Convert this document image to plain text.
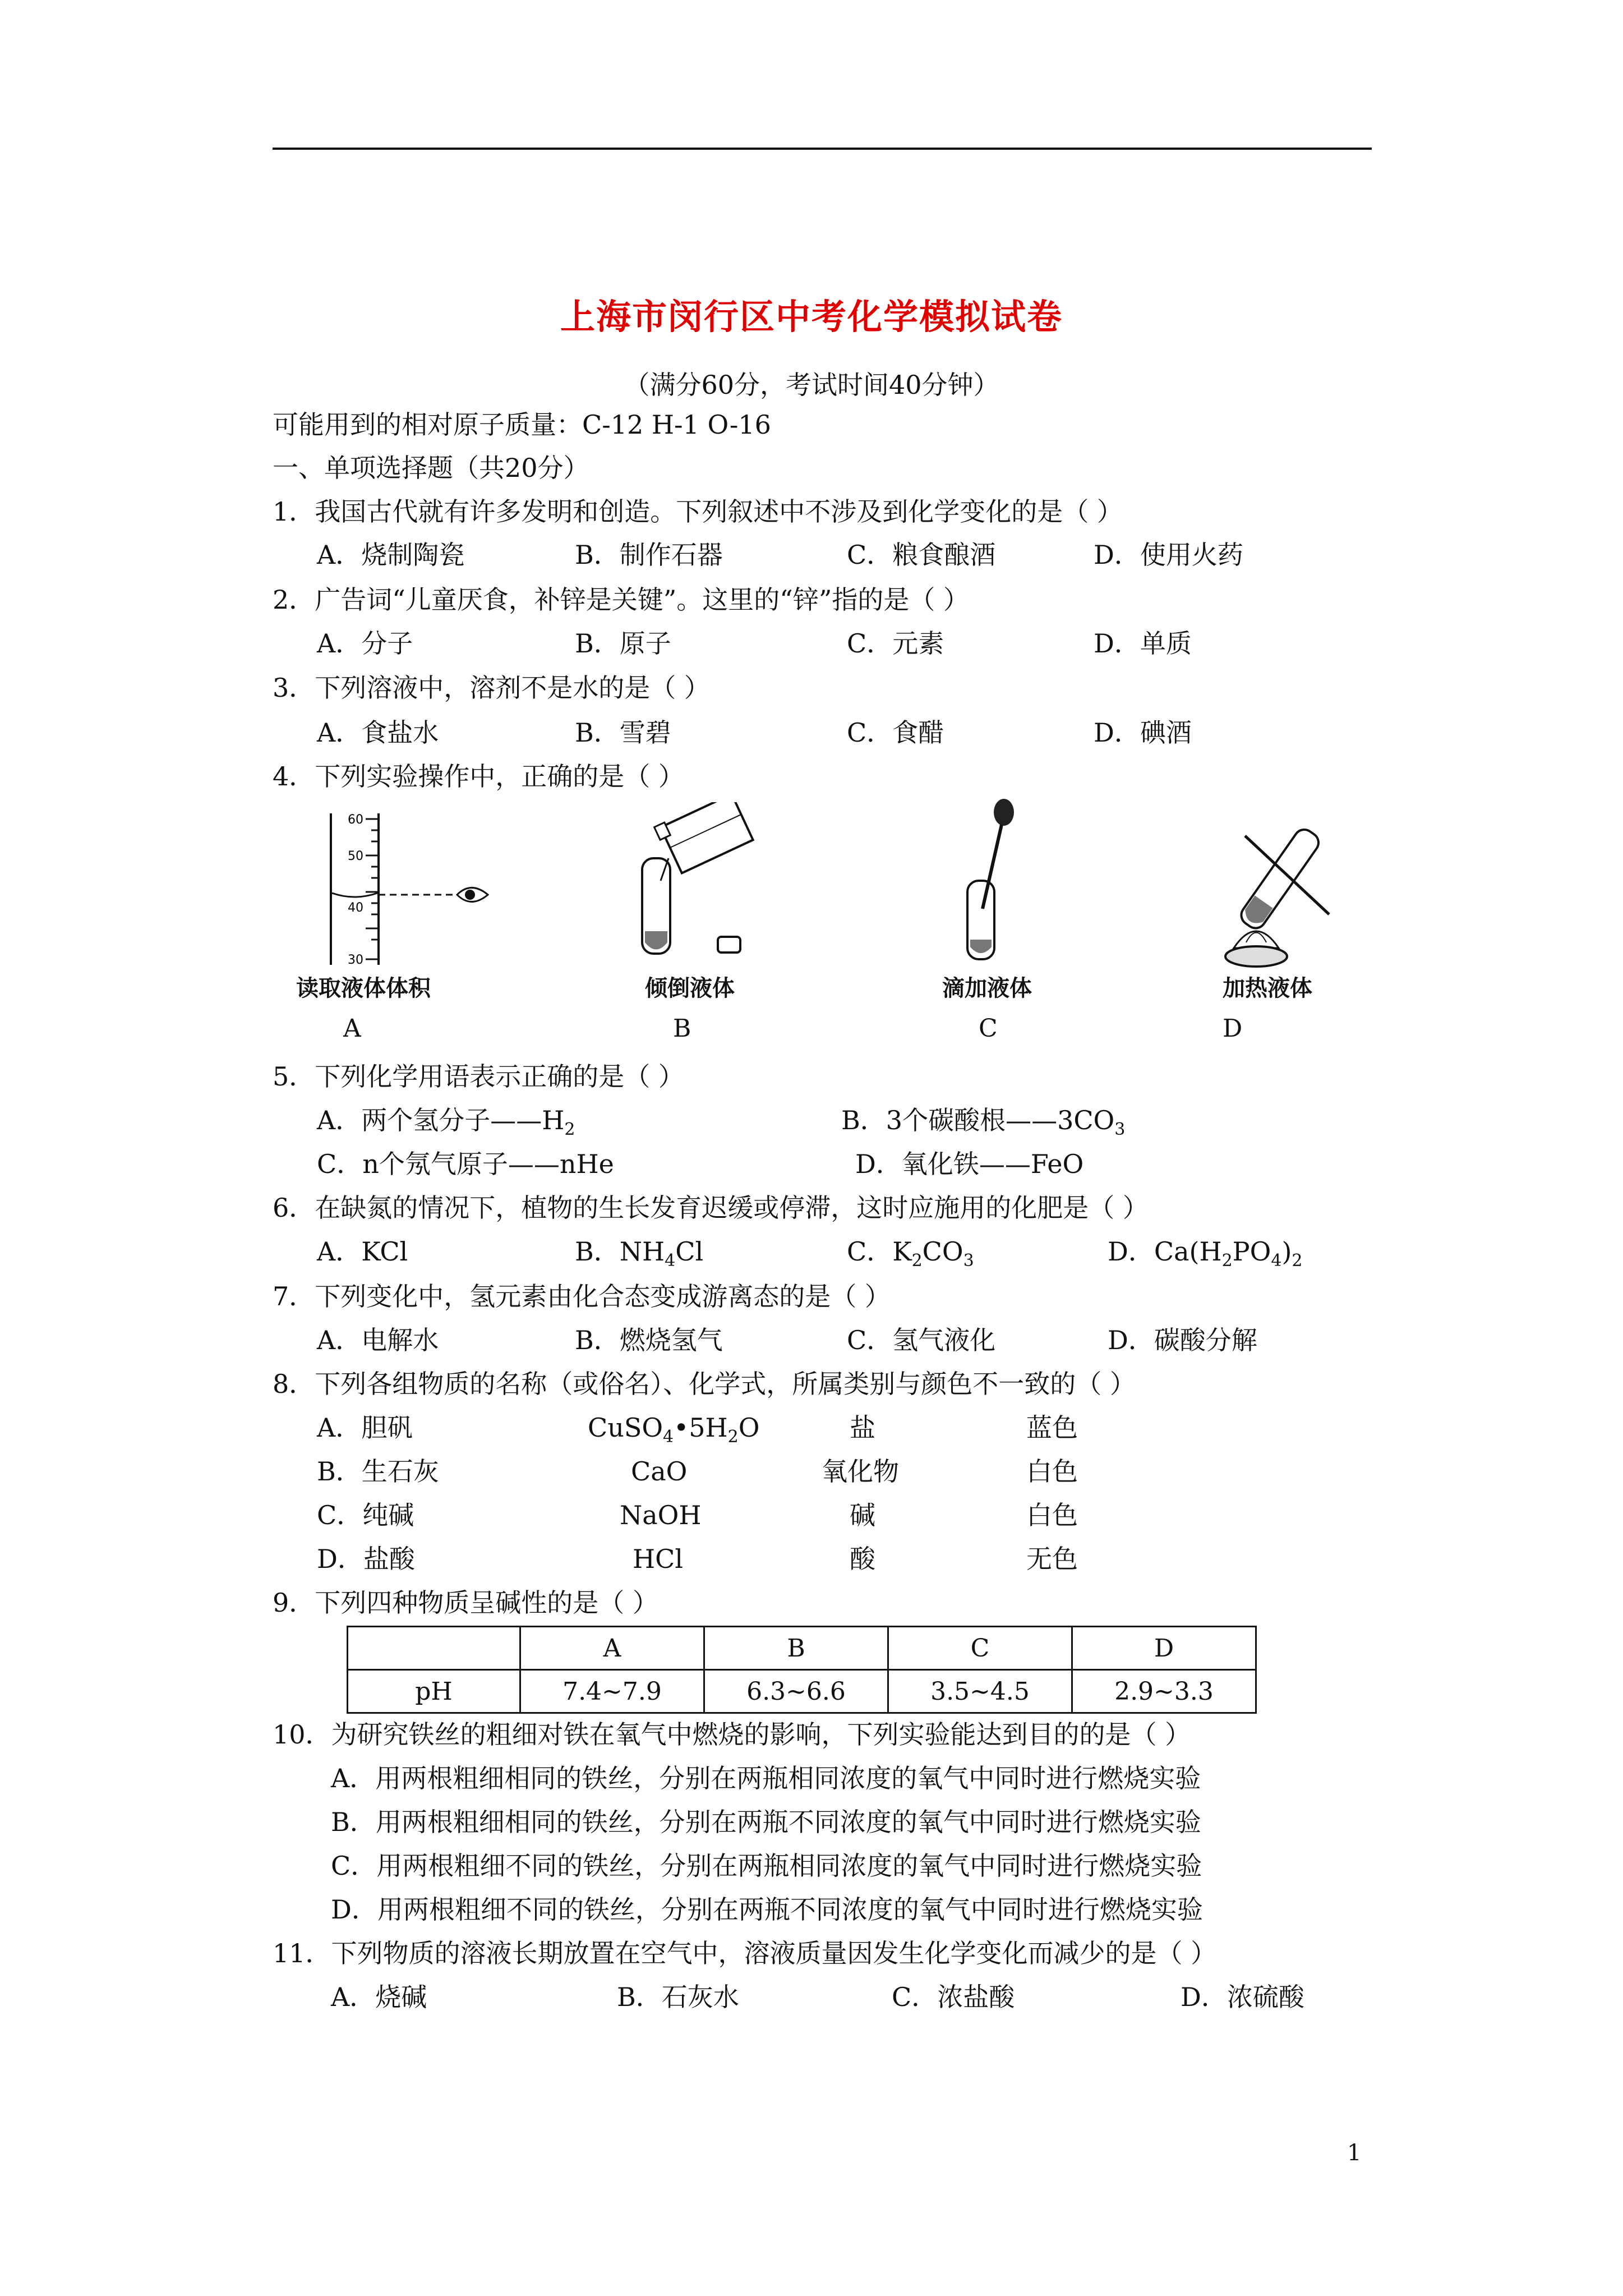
上海市闵行区中考化学模拟试卷
（满分60分，考试时间40分钟）
可能用到的相对原子质量：C-12 H-1 O-16
一、单项选择题（共20分）
1．我国古代就有许多发明和创造。下列叙述中不涉及到化学变化的是（ ）
A．烧制陶瓷	B．制作石器	C．粮食酿酒	D．使用火药
2．广告词“儿童厌食，补锌是关键”。这里的“锌”指的是（ ）
A．分子	B．原子	C．元素	D．单质
3．下列溶液中，溶剂不是水的是（ ）
A．食盐水	B．雪碧	C．食醋	D．碘酒
4．下列实验操作中，正确的是（ ）
60
50
40
30
读取液体体积
A
倾倒液体
B
滴加液体
C
加热液体
D
5．下列化学用语表示正确的是（ ）
A．两个氢分子$——H_2$	B．3个碳酸根$——3CO_3$
C．n个氖气原子——nHe	D．氧化铁——FeO
6．在缺氮的情况下，植物的生长发育迟缓或停滞，这时应施用的化肥是（ ）
A．KCl	B．$NH_4Cl$	C．$K_2CO_3$	D．$Ca(H_2PO_4)_2$
7．下列变化中，氢元素由化合态变成游离态的是（ ）
A．电解水	B．燃烧氢气	C．氢气液化	D．碳酸分解
8．下列各组物质的名称（或俗名）、化学式，所属类别与颜色不一致的（ ）
A．胆矾	$CuSO_4•5H_2O$	盐	蓝色
B．生石灰	CaO	氧化物	白色
C．纯碱	NaOH	碱	白色
D．盐酸	HCl	酸	无色
9．下列四种物质呈碱性的是（ ）
	A	B	C	D
pH	7.4~7.9	6.3~6.6	3.5~4.5	2.9~3.3
10．为研究铁丝的粗细对铁在氧气中燃烧的影响，下列实验能达到目的的是（ ）
A．用两根粗细相同的铁丝，分别在两瓶相同浓度的氧气中同时进行燃烧实验
B．用两根粗细相同的铁丝，分别在两瓶不同浓度的氧气中同时进行燃烧实验
C．用两根粗细不同的铁丝，分别在两瓶相同浓度的氧气中同时进行燃烧实验
D．用两根粗细不同的铁丝，分别在两瓶不同浓度的氧气中同时进行燃烧实验
11．下列物质的溶液长期放置在空气中，溶液质量因发生化学变化而减少的是（ ）
A．烧碱	B．石灰水	C．浓盐酸	D．浓硫酸
1
